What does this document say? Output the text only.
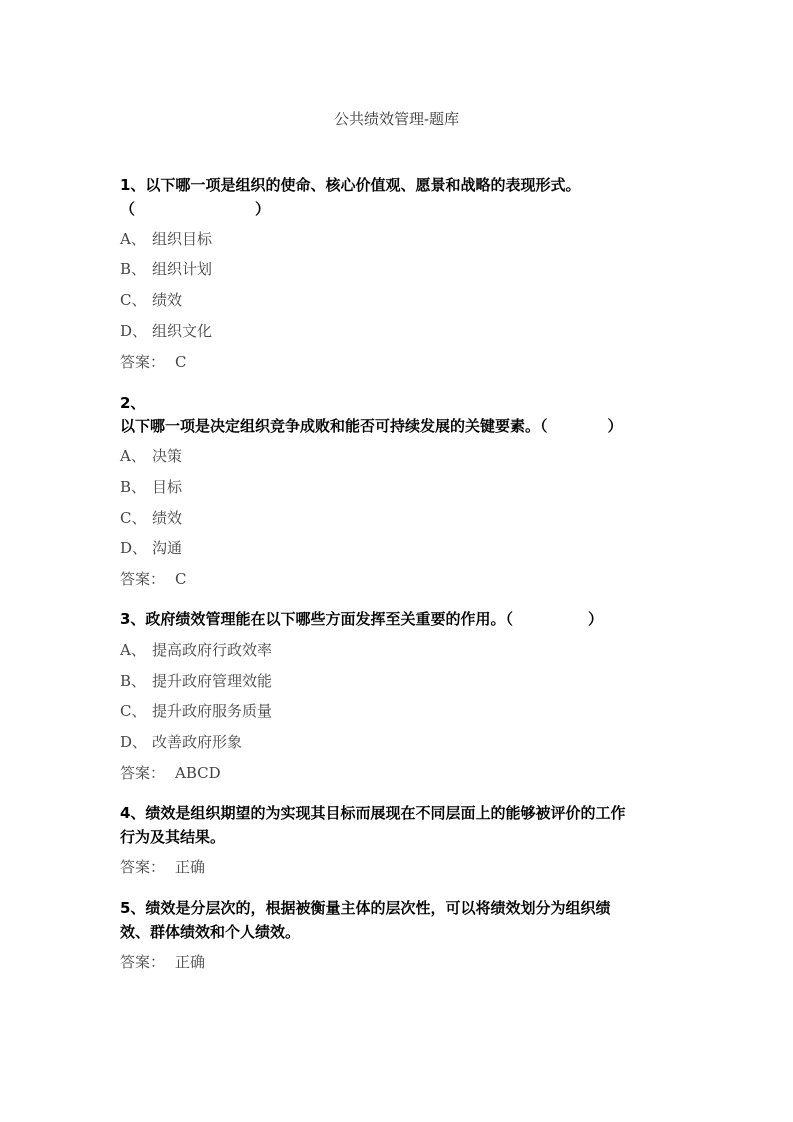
公共绩效管理-题库
1、以下哪一项是组织的使命、核心价值观、愿景和战略的表现形式。
（　　　　　　　　）
A、 组织目标
B、 组织计划
C、 绩效
D、 组织文化
答案： C
2、
以下哪一项是决定组织竞争成败和能否可持续发展的关键要素。（　　　　）
A、 决策
B、 目标
C、 绩效
D、 沟通
答案： C
3、政府绩效管理能在以下哪些方面发挥至关重要的作用。（　　　　　）
A、 提高政府行政效率
B、 提升政府管理效能
C、 提升政府服务质量
D、 改善政府形象
答案： ABCD
4、绩效是组织期望的为实现其目标而展现在不同层面上的能够被评价的工作
行为及其结果。
答案： 正确
5、绩效是分层次的，根据被衡量主体的层次性，可以将绩效划分为组织绩
效、群体绩效和个人绩效。
答案： 正确
